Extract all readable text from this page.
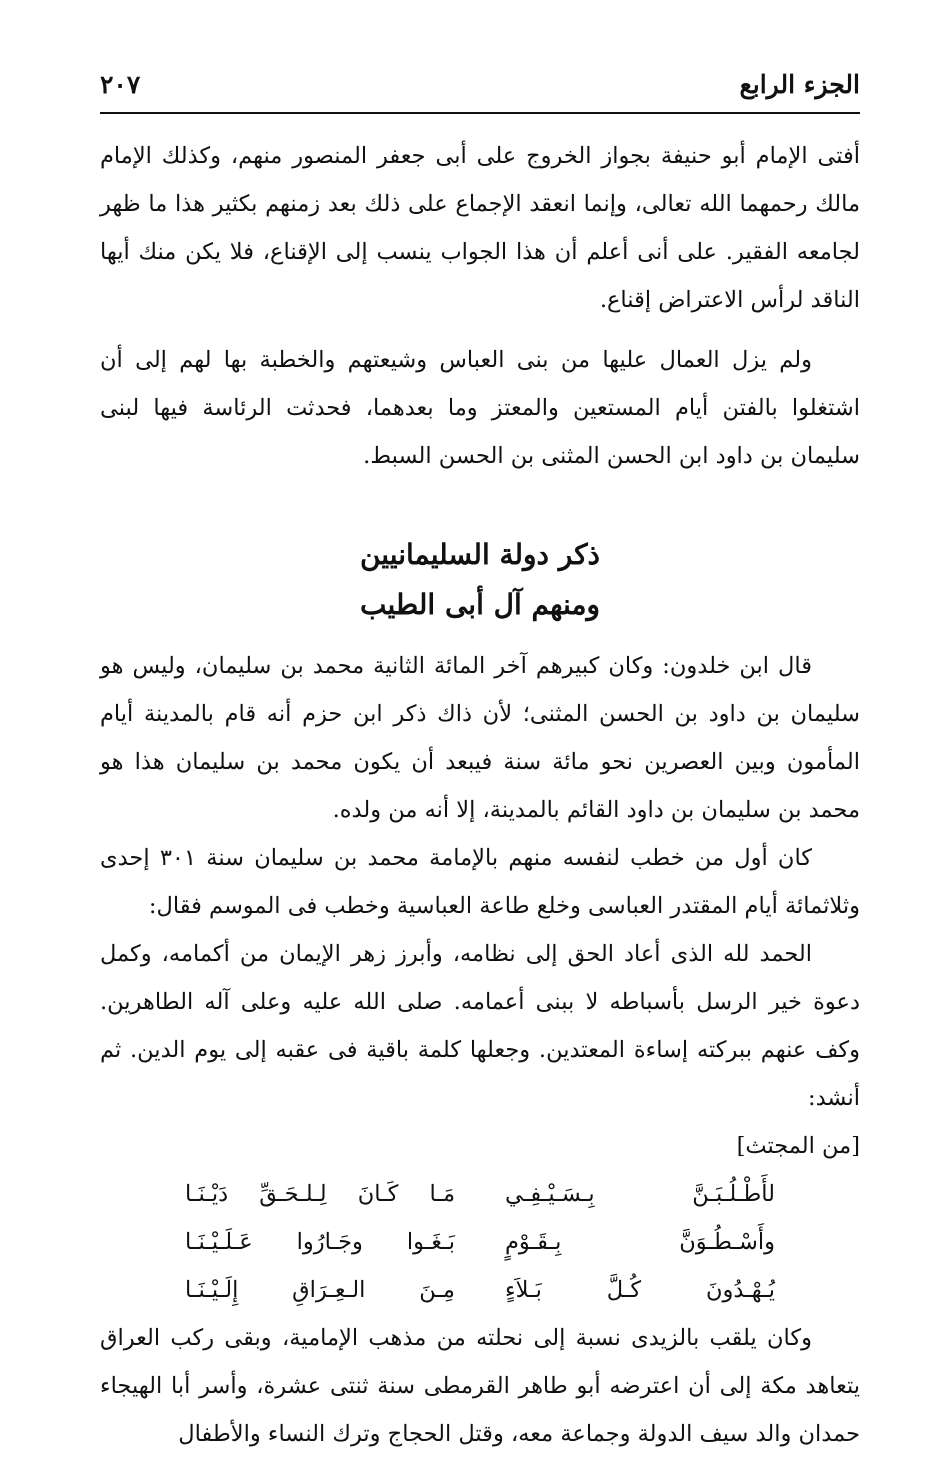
الجزء الرابع
٢٠٧

أفتى الإمام أبو حنيفة بجواز الخروج على أبى جعفر المنصور منهم، وكذلك الإمام مالك رحمهما الله تعالى، وإنما انعقد الإجماع على ذلك بعد زمنهم بكثير هذا ما ظهر لجامعه الفقير. على أنى أعلم أن هذا الجواب ينسب إلى الإقناع، فلا يكن منك أيها الناقد لرأس الاعتراض إقناع.

ولم يزل العمال عليها من بنى العباس وشيعتهم والخطبة بها لهم إلى أن اشتغلوا بالفتن أيام المستعين والمعتز وما بعدهما، فحدثت الرئاسة فيها لبنى سليمان بن داود ابن الحسن المثنى بن الحسن السبط.

ذكر دولة السليمانيين
ومنهم آل أبى الطيب

قال ابن خلدون: وكان كبيرهم آخر المائة الثانية محمد بن سليمان، وليس هو سليمان بن داود بن الحسن المثنى؛ لأن ذاك ذكر ابن حزم أنه قام بالمدينة أيام المأمون وبين العصرين نحو مائة سنة فيبعد أن يكون محمد بن سليمان هذا هو محمد بن سليمان بن داود القائم بالمدينة، إلا أنه من ولده.

كان أول من خطب لنفسه منهم بالإمامة محمد بن سليمان سنة ٣٠١ إحدى وثلاثمائة أيام المقتدر العباسى وخلع طاعة العباسية وخطب فى الموسم فقال:

الحمد لله الذى أعاد الحق إلى نظامه، وأبرز زهر الإيمان من أكمامه، وكمل دعوة خير الرسل بأسباطه لا ببنى أعمامه. صلى الله عليه وعلى آله الطاهرين. وكف عنهم ببركته إساءة المعتدين. وجعلها كلمة باقية فى عقبه إلى يوم الدين. ثم أنشد:

[من المجتث]

لأَطْـلُـبَـنَّ بِـسَـيْـفِـي
مَـا كَـانَ لِـلـحَـقِّ دَيْـنَـا
وأَسْـطُـوَنَّ بِـقَـوْمٍ
بَـغَـوا وجَـارُوا عَـلَـيْـنَـا
يُـهْـدُونَ كُـلَّ بَـلاَءٍ
مِـنَ الـعِـرَاقِ إِلَـيْـنَـا

وكان يلقب بالزيدى نسبة إلى نحلته من مذهب الإمامية، وبقى ركب العراق يتعاهد مكة إلى أن اعترضه أبو طاهر القرمطى سنة ثنتى عشرة، وأسر أبا الهيجاء حمدان والد سيف الدولة وجماعة معه، وقتل الحجاج وترك النساء والأطفال
